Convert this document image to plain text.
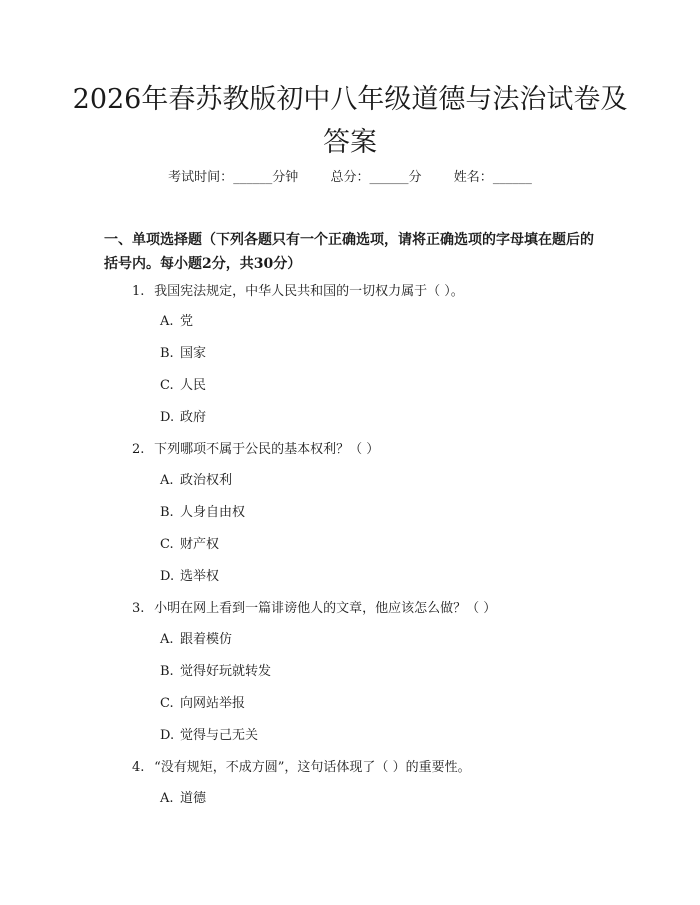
2026年春苏教版初中八年级道德与法治试卷及答案
考试时间：______分钟 总分：______分 姓名：______
一、单项选择题（下列各题只有一个正确选项，请将正确选项的字母填在题后的括号内。每小题2分，共30分）
1. 我国宪法规定，中华人民共和国的一切权力属于（ ）。
A. 党
B. 国家
C. 人民
D. 政府
2. 下列哪项不属于公民的基本权利？（ ）
A. 政治权利
B. 人身自由权
C. 财产权
D. 选举权
3. 小明在网上看到一篇诽谤他人的文章，他应该怎么做？（ ）
A. 跟着模仿
B. 觉得好玩就转发
C. 向网站举报
D. 觉得与己无关
4. “没有规矩，不成方圆”，这句话体现了（ ）的重要性。
A. 道德
